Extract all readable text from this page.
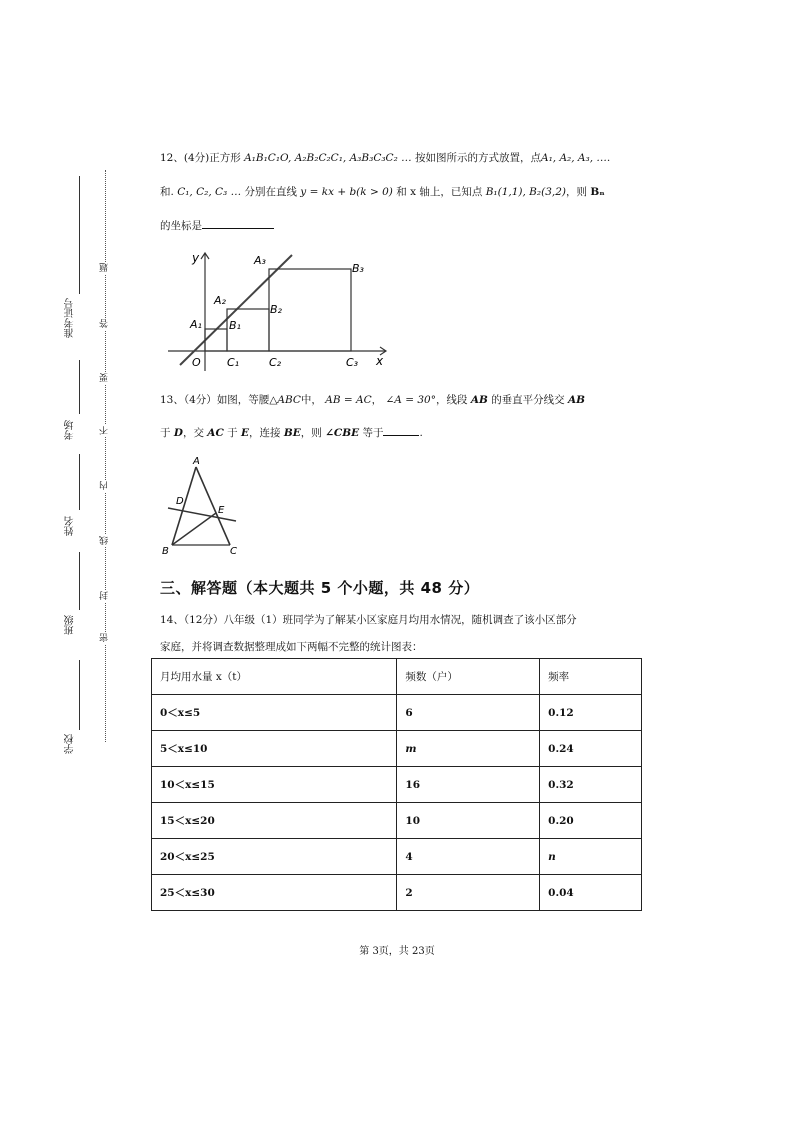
准考证号
考场
姓名
班级
学校
题
答
要
不
内
线
封
密
12、(4分)正方形 A₁B₁C₁O, A₂B₂C₂C₁, A₃B₃C₃C₂ … 按如图所示的方式放置，点A₁, A₂, A₃, ….
和. C₁, C₂, C₃ … 分别在直线 y = kx + b(k > 0) 和 x 轴上，已知点 B₁(1,1), B₂(3,2)，则 Bₙ
的坐标是
y
x
O
A₁
A₂
A₃
B₁
B₂
B₃
C₁	C₂	C₃
13、（4分）如图，等腰△ABC中， AB = AC， ∠A = 30°，线段 AB 的垂直平分线交 AB
于 D，交 AC 于 E，连接 BE，则 ∠CBE 等于	.
A
B	C
D
E
三、解答题（本大题共 5 个小题，共 48 分）
14、（12分）八年级（1）班同学为了解某小区家庭月均用水情况，随机调查了该小区部分
家庭，并将调查数据整理成如下两幅不完整的统计图表：
月均用水量 x（t）	频数（户）	频率
0＜x≤5	6	0.12
5＜x≤10	m	0.24
10＜x≤15	16	0.32
15＜x≤20	10	0.20
20＜x≤25	4	n
25＜x≤30	2	0.04
第 3页，共 23页
